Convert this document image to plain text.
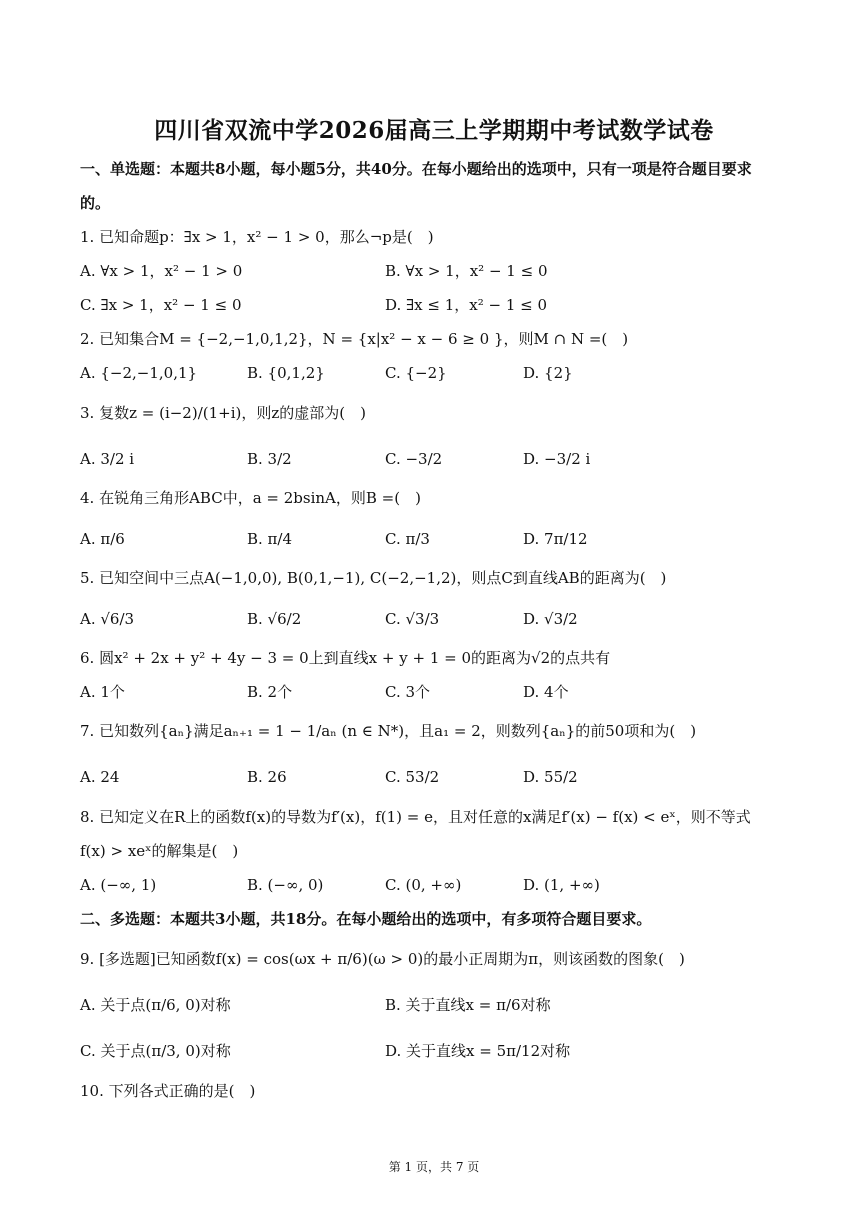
四川省双流中学2026届高三上学期期中考试数学试卷
一、单选题：本题共8小题，每小题5分，共40分。在每小题给出的选项中，只有一项是符合题目要求
的。
1. 已知命题p：∃x > 1，x² − 1 > 0，那么¬p是(　)
A. ∀x > 1，x² − 1 > 0	B. ∀x > 1，x² − 1 ≤ 0
C. ∃x > 1，x² − 1 ≤ 0	D. ∃x ≤ 1，x² − 1 ≤ 0
2. 已知集合M = {−2,−1,0,1,2}，N = {x|x² − x − 6 ≥ 0 }，则M ∩ N =(　)
A. {−2,−1,0,1}	B. {0,1,2}	C. {−2}	D. {2}
3. 复数z = (i−2)/(1+i)，则z的虚部为(　)
A. 3/2 i	B. 3/2	C. −3/2	D. −3/2 i
4. 在锐角三角形ABC中，a = 2bsinA，则B =(　)
A. π/6	B. π/4	C. π/3	D. 7π/12
5. 已知空间中三点A(−1,0,0), B(0,1,−1), C(−2,−1,2)，则点C到直线AB的距离为(　)
A. √6/3	B. √6/2	C. √3/3	D. √3/2
6. 圆x² + 2x + y² + 4y − 3 = 0上到直线x + y + 1 = 0的距离为√2的点共有
A. 1个	B. 2个	C. 3个	D. 4个
7. 已知数列{aₙ}满足aₙ₊₁ = 1 − 1/aₙ (n ∈ N*)，且a₁ = 2，则数列{aₙ}的前50项和为(　)
A. 24	B. 26	C. 53/2	D. 55/2
8. 已知定义在R上的函数f(x)的导数为f′(x)，f(1) = e，且对任意的x满足f′(x) − f(x) < eˣ，则不等式
f(x) > xeˣ的解集是(　)
A. (−∞, 1)	B. (−∞, 0)	C. (0, +∞)	D. (1, +∞)
二、多选题：本题共3小题，共18分。在每小题给出的选项中，有多项符合题目要求。
9. [多选题]已知函数f(x) = cos(ωx + π/6)(ω > 0)的最小正周期为π，则该函数的图象(　)
A. 关于点(π/6, 0)对称	B. 关于直线x = π/6对称
C. 关于点(π/3, 0)对称	D. 关于直线x = 5π/12对称
10. 下列各式正确的是(　)
第 1 页，共 7 页
